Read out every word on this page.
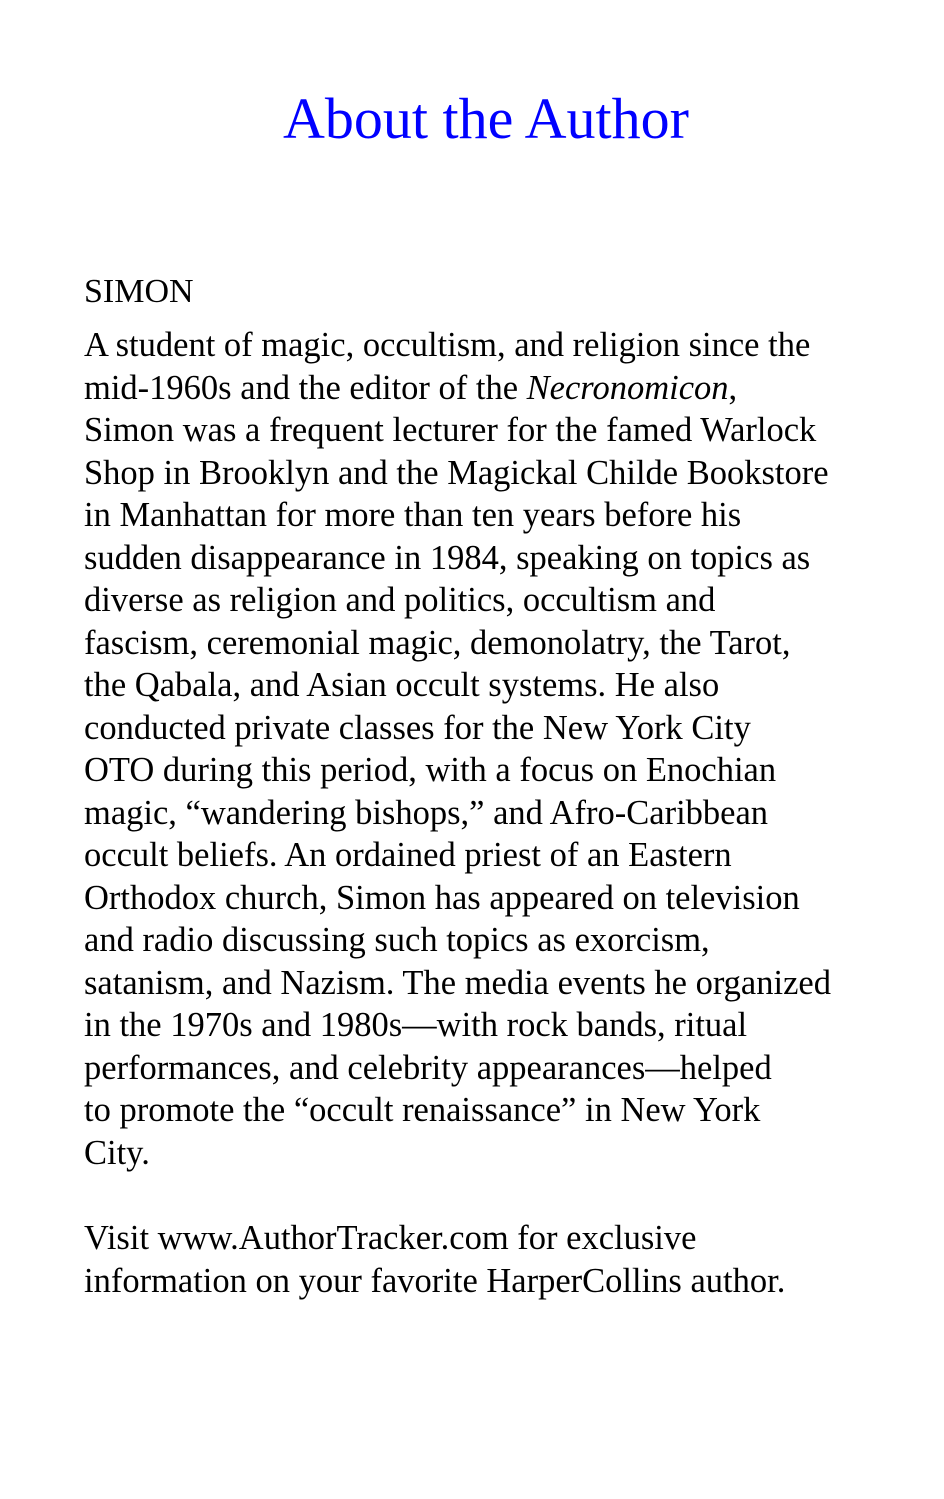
About the Author

SIMON

A student of magic, occultism, and religion since the
mid-1960s and the editor of the Necronomicon,
Simon was a frequent lecturer for the famed Warlock
Shop in Brooklyn and the Magickal Childe Bookstore
in Manhattan for more than ten years before his
sudden disappearance in 1984, speaking on topics as
diverse as religion and politics, occultism and
fascism, ceremonial magic, demonolatry, the Tarot,
the Qabala, and Asian occult systems. He also
conducted private classes for the New York City
OTO during this period, with a focus on Enochian
magic, “wandering bishops,” and Afro-Caribbean
occult beliefs. An ordained priest of an Eastern
Orthodox church, Simon has appeared on television
and radio discussing such topics as exorcism,
satanism, and Nazism. The media events he organized
in the 1970s and 1980s—with rock bands, ritual
performances, and celebrity appearances—helped
to promote the “occult renaissance” in New York
City.

Visit www.AuthorTracker.com for exclusive
information on your favorite HarperCollins author.
